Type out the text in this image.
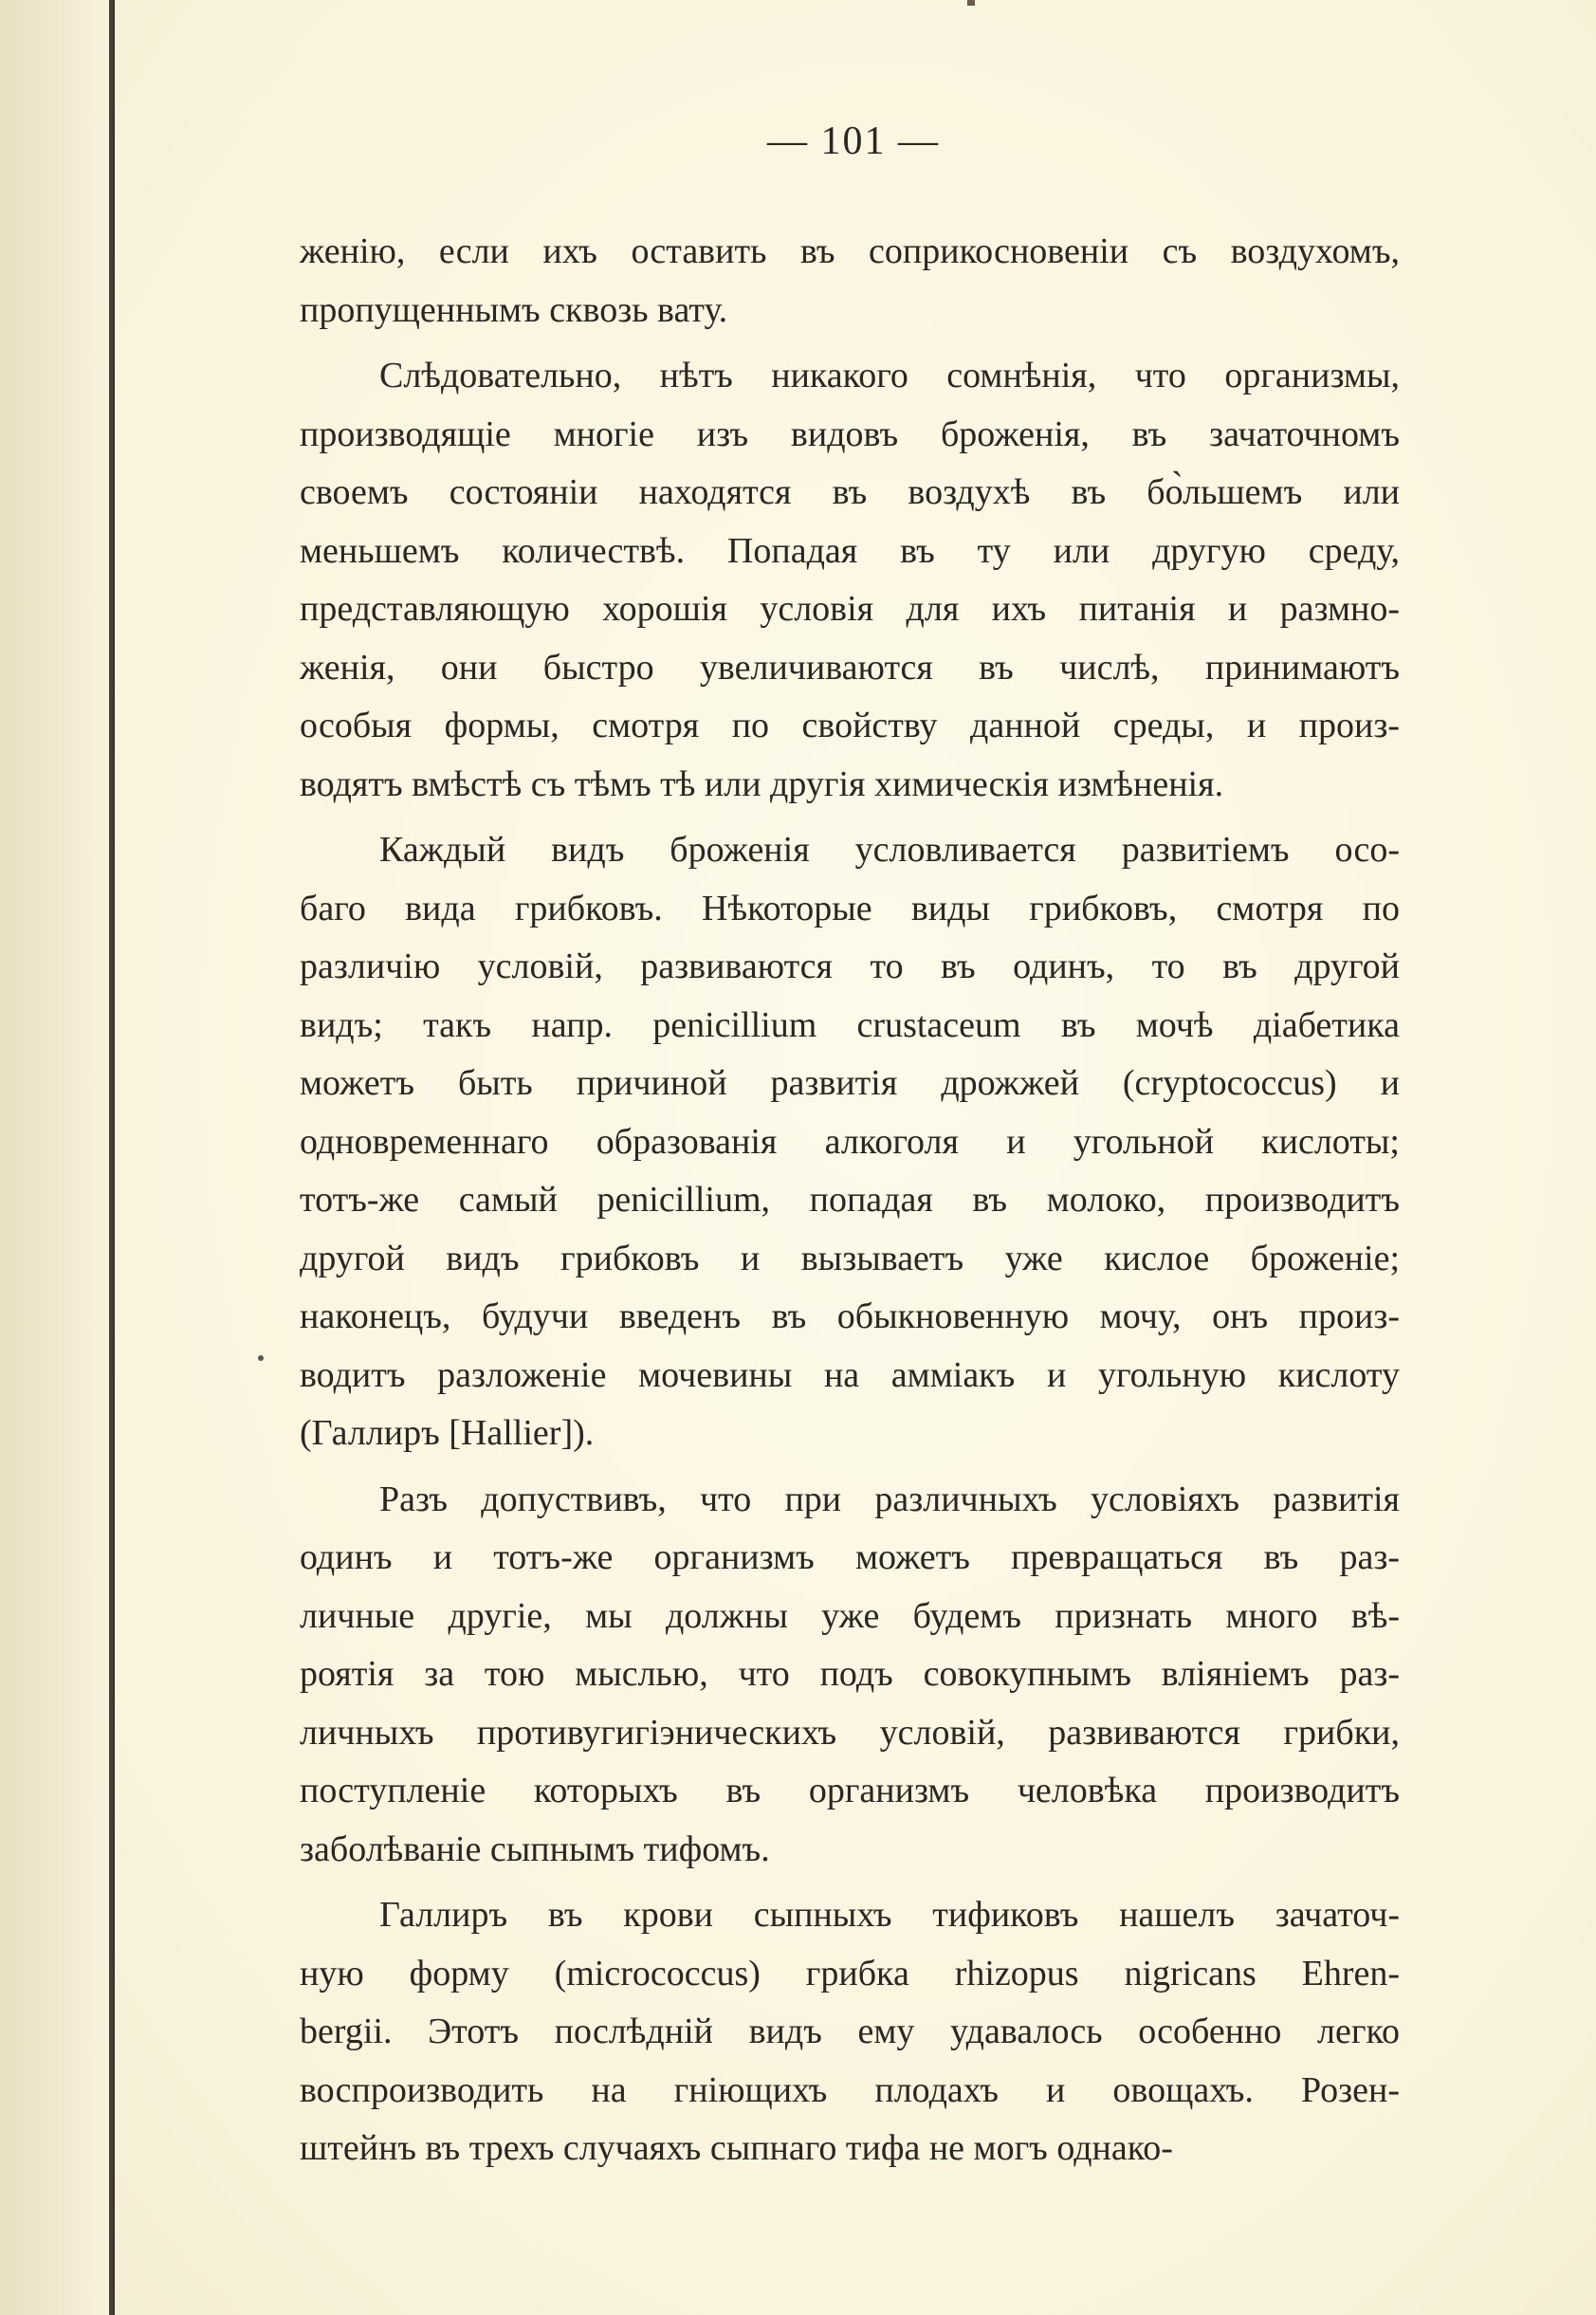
— 101 —

женію, если ихъ оставить въ соприкосновеніи съ воздухомъ,
пропущеннымъ сквозь вату.

Слѣдовательно, нѣтъ никакого сомнѣнія, что организмы,
производящіе многіе изъ видовъ броженія, въ зачаточномъ
своемъ состояніи находятся въ воздухѣ въ бо̀льшемъ или
меньшемъ количествѣ. Попадая въ ту или другую среду,
представляющую хорошія условія для ихъ питанія и размно-
женія, они быстро увеличиваются въ числѣ, принимаютъ
особыя формы, смотря по свойству данной среды, и произ-
водятъ вмѣстѣ съ тѣмъ тѣ или другія химическія измѣненія.

Каждый видъ броженія условливается развитіемъ осо-
баго вида грибковъ. Нѣкоторые виды грибковъ, смотря по
различію условій, развиваются то въ одинъ, то въ другой
видъ; такъ напр. penicillium crustaceum въ мочѣ діабетика
можетъ быть причиной развитія дрожжей (cryptococcus) и
одновременнаго образованія алкоголя и угольной кислоты;
тотъ-же самый penicillium, попадая въ молоко, производитъ
другой видъ грибковъ и вызываетъ уже кислое броженіе;
наконецъ, будучи введенъ въ обыкновенную мочу, онъ произ-
водитъ разложеніе мочевины на амміакъ и угольную кислоту
(Галлиръ [Hallier]).

Разъ допуствивъ, что при различныхъ условіяхъ развитія
одинъ и тотъ-же организмъ можетъ превращаться въ раз-
личные другіе, мы должны уже будемъ признать много вѣ-
роятія за тою мыслью, что подъ совокупнымъ вліяніемъ раз-
личныхъ противугигіэническихъ условій, развиваются грибки,
поступленіе которыхъ въ организмъ человѣка производитъ
заболѣваніе сыпнымъ тифомъ.

Галлиръ въ крови сыпныхъ тификовъ нашелъ зачаточ-
ную форму (micrococcus) грибка rhizopus nigricans Ehren-
bergii. Этотъ послѣдній видъ ему удавалось особенно легко
воспроизводить на гніющихъ плодахъ и овощахъ. Розен-
штейнъ въ трехъ случаяхъ сыпнаго тифа не могъ однако-
